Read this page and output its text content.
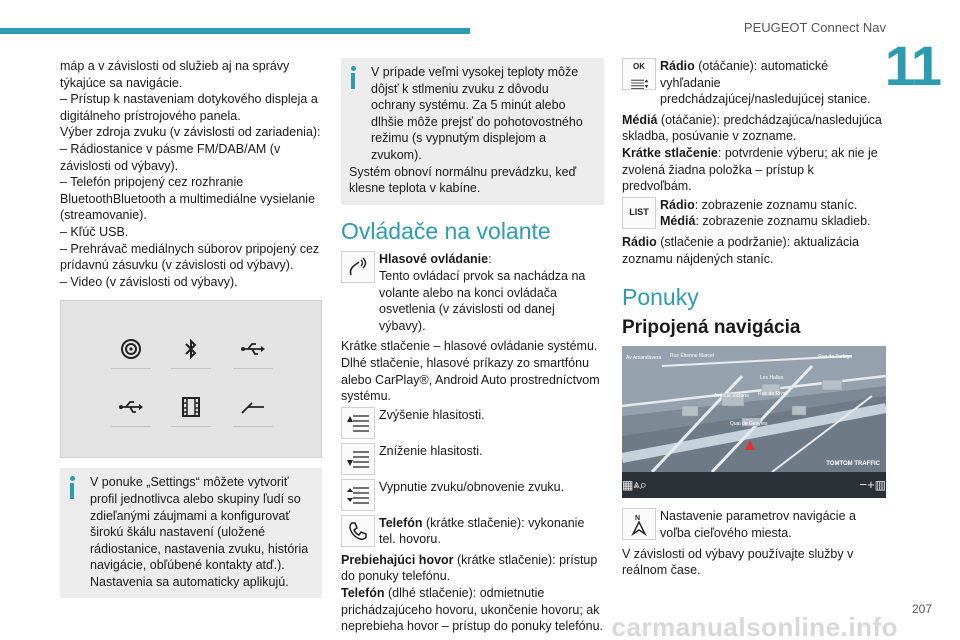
PEUGEOT Connect Nav
11
carmanualsonline.info
207
máp a v závislosti od služieb aj na správy týkajúce sa navigácie.
– Prístup k nastaveniam dotykového displeja a digitálneho prístrojového panela.
Výber zdroja zvuku (v závislosti od zariadenia):
– Rádiostanice v pásme FM/DAB/AM (v závislosti od výbavy).
– Telefón pripojený cez rozhranie BluetoothBluetooth a multimediálne vysielanie (streamovanie).
– Kľúč USB.
– Prehrávač mediálnych súborov pripojený cez prídavnú zásuvku (v závislosti od výbavy).
– Video (v závislosti od výbavy).
V ponuke „Settings“ môžete vytvoriť profil jednotlivca alebo skupiny ľudí so zdieľanými záujmami a konfigurovať širokú škálu nastavení (uložené rádiostanice, nastavenia zvuku, história navigácie, obľúbené kontakty atď.). Nastavenia sa automaticky aplikujú.
V prípade veľmi vysokej teploty môže dôjsť k stlmeniu zvuku z dôvodu ochrany systému. Za 5 minút alebo dlhšie môže prejsť do pohotovostného režimu (s vypnutým displejom a zvukom).
Systém obnoví normálnu prevádzku, keď klesne teplota v kabíne.
Ovládače na volante
Hlasové ovládanie:
Tento ovládací prvok sa nachádza na volante alebo na konci ovládača osvetlenia (v závislosti od danej výbavy).
Krátke stlačenie – hlasové ovládanie systému.
Dlhé stlačenie, hlasové príkazy zo smartfónu alebo CarPlay®, Android Auto prostredníctvom systému.
Zvýšenie hlasitosti.
Zníženie hlasitosti.
Vypnutie zvuku/obnovenie zvuku.
Telefón (krátke stlačenie): vykonanie tel. hovoru.
Prebiehajúci hovor (krátke stlačenie): prístup do ponuky telefónu.
Telefón (dlhé stlačenie): odmietnutie prichádzajúceho hovoru, ukončenie hovoru; ak neprebieha hovor – prístup do ponuky telefónu.
OK Rádio (otáčanie): automatické vyhľadanie predchádzajúcej/nasledujúcej stanice.
Médiá (otáčanie): predchádzajúca/nasledujúca skladba, posúvanie v zozname.
Krátke stlačenie: potvrdenie výberu; ak nie je zvolená žiadna položka – prístup k predvoľbám.
LIST
Rádio: zobrazenie zoznamu staníc.
Médiá: zobrazenie zoznamu skladieb.
Rádio (stlačenie a podržanie): aktualizácia zoznamu nájdených staníc.
Ponuky
Pripojená navigácia
Av Amandavera Rue Étienne Marcel	Rue de Turbigo
Les Halles
Avenue Victoria Rue de Rivoli
Quai de Gesvres
TOMTOM TRAFFIC
▦ ⩓ ⌕	− + ▥
N Nastavenie parametrov navigácie a voľba cieľového miesta.
V závislosti od výbavy používajte služby v reálnom čase.
